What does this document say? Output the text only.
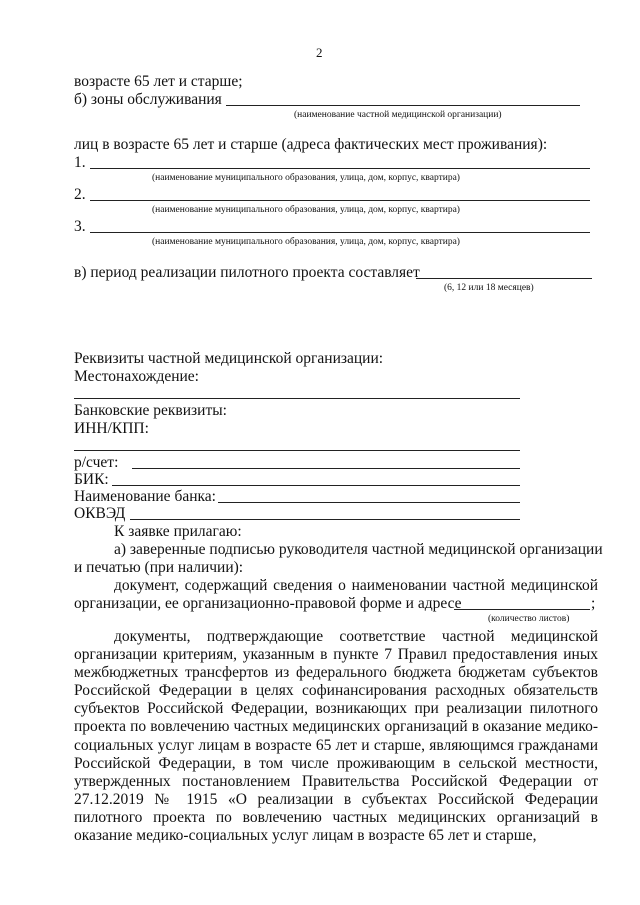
2
возрасте 65 лет и старше;
б) зоны обслуживания
(наименование частной медицинской организации)
лиц в возрасте 65 лет и старше (адреса фактических мест проживания):
1.
(наименование муниципального образования, улица, дом, корпус, квартира)
2.
(наименование муниципального образования, улица, дом, корпус, квартира)
3.
(наименование муниципального образования, улица, дом, корпус, квартира)
в) период реализации пилотного проекта составляет
(6, 12 или 18 месяцев)
Реквизиты частной медицинской организации:
Местонахождение:
Банковские реквизиты:
ИНН/КПП:
р/счет:
БИК:
Наименование банка:
ОКВЭД
К заявке прилагаю:
а) заверенные подписью руководителя частной медицинской организации
и печатью (при наличии):
документ, содержащий сведения о наименовании частной медицинской
организации, ее организационно-правовой форме и адресе	;
(количество листов)
документы, подтверждающие соответствие частной медицинской организации критериям, указанным в пункте 7 Правил предоставления иных межбюджетных трансфертов из федерального бюджета бюджетам субъектов Российской Федерации в целях софинансирования расходных обязательств субъектов Российской Федерации, возникающих при реализации пилотного проекта по вовлечению частных медицинских организаций в оказание медико-социальных услуг лицам в возрасте 65 лет и старше, являющимся гражданами Российской Федерации, в том числе проживающим в сельской местности, утвержденных постановлением Правительства Российской Федерации от 27.12.2019 № 1915 «О реализации в субъектах Российской Федерации пилотного проекта по вовлечению частных медицинских организаций в оказание медико-социальных услуг лицам в возрасте 65 лет и старше,
